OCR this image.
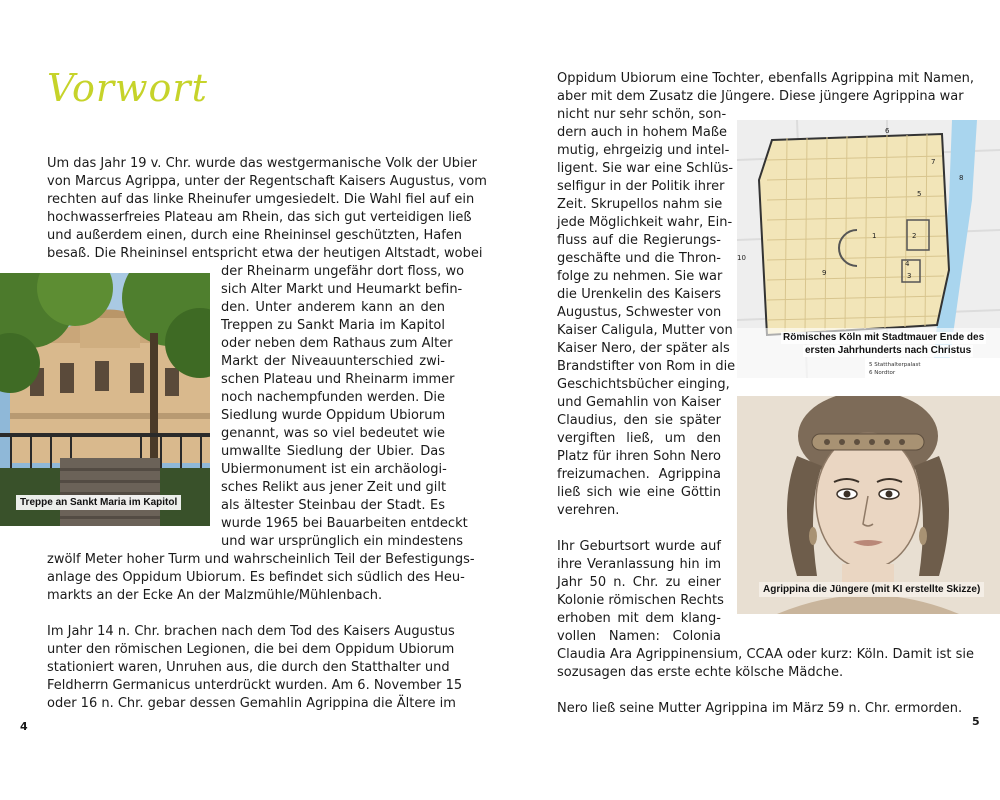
Vorwort
Um das Jahr 19 v. Chr. wurde das westgermanische Volk der Ubier
von Marcus Agrippa, unter der Regentschaft Kaisers Augustus, vom
rechten auf das linke Rheinufer umgesiedelt. Die Wahl fiel auf ein
hochwasserfreies Plateau am Rhein, das sich gut verteidigen ließ
und außerdem einen, durch eine Rheininsel geschützten, Hafen
besaß. Die Rheininsel entspricht etwa der heutigen Altstadt, wobei
der Rheinarm ungefähr dort floss, wo
sich Alter Markt und Heumarkt befin-
den. Unter anderem kann an den
Treppen zu Sankt Maria im Kapitol
oder neben dem Rathaus zum Alter
Markt der Niveauunterschied zwi-
schen Plateau und Rheinarm immer
noch nachempfunden werden. Die
Siedlung wurde Oppidum Ubiorum
genannt, was so viel bedeutet wie
umwallte Siedlung der Ubier. Das
Ubiermonument ist ein archäologi-
sches Relikt aus jener Zeit und gilt
als ältester Steinbau der Stadt. Es
wurde 1965 bei Bauarbeiten entdeckt
und war ursprünglich ein mindestens
zwölf Meter hoher Turm und wahrscheinlich Teil der Befestigungs-
anlage des Oppidum Ubiorum. Es befindet sich südlich des Heu-
markts an der Ecke An der Malzmühle/Mühlenbach.
Im Jahr 14 n. Chr. brachen nach dem Tod des Kaisers Augustus
unter den römischen Legionen, die bei dem Oppidum Ubiorum
stationiert waren, Unruhen aus, die durch den Statthalter und
Feldherrn Germanicus unterdrückt wurden. Am 6. November 15
oder 16 n. Chr. gebar dessen Gemahlin Agrippina die Ältere im
Oppidum Ubiorum eine Tochter, ebenfalls Agrippina mit Namen,
aber mit dem Zusatz die Jüngere. Diese jüngere Agrippina war
nicht nur sehr schön, son-
dern auch in hohem Maße
mutig, ehrgeizig und intel-
ligent. Sie war eine Schlüs-
selfigur in der Politik ihrer
Zeit. Skrupellos nahm sie
jede Möglichkeit wahr, Ein-
fluss auf die Regierungs-
geschäfte und die Thron-
folge zu nehmen. Sie war
die Urenkelin des Kaisers
Augustus, Schwester von
Kaiser Caligula, Mutter von
Kaiser Nero, der später als
Brandstifter von Rom in die
Geschichtsbücher einging,
und Gemahlin von Kaiser
Claudius, den sie später
vergiften ließ, um den
Platz für ihren Sohn Nero
freizumachen. Agrippina
ließ sich wie eine Göttin
verehren.
Ihr Geburtsort wurde auf
ihre Veranlassung hin im
Jahr 50 n. Chr. zu einer
Kolonie römischen Rechts
erhoben mit dem klang-
vollen Namen: Colonia
Claudia Ara Agrippinensium, CCAA oder kurz: Köln. Damit ist sie
sozusagen das erste echte kölsche Mädche.
Nero ließ seine Mutter Agrippina im März 59 n. Chr. ermorden.
Treppe an Sankt Maria im Kapitol
1	2
3
4
5
6
7
8
9
10
5 Statthalterpalast
6 Nordtor
Römisches Köln mit Stadtmauer Ende des
ersten Jahrhunderts nach Christus
Agrippina die Jüngere (mit KI erstellte Skizze)
4	5
